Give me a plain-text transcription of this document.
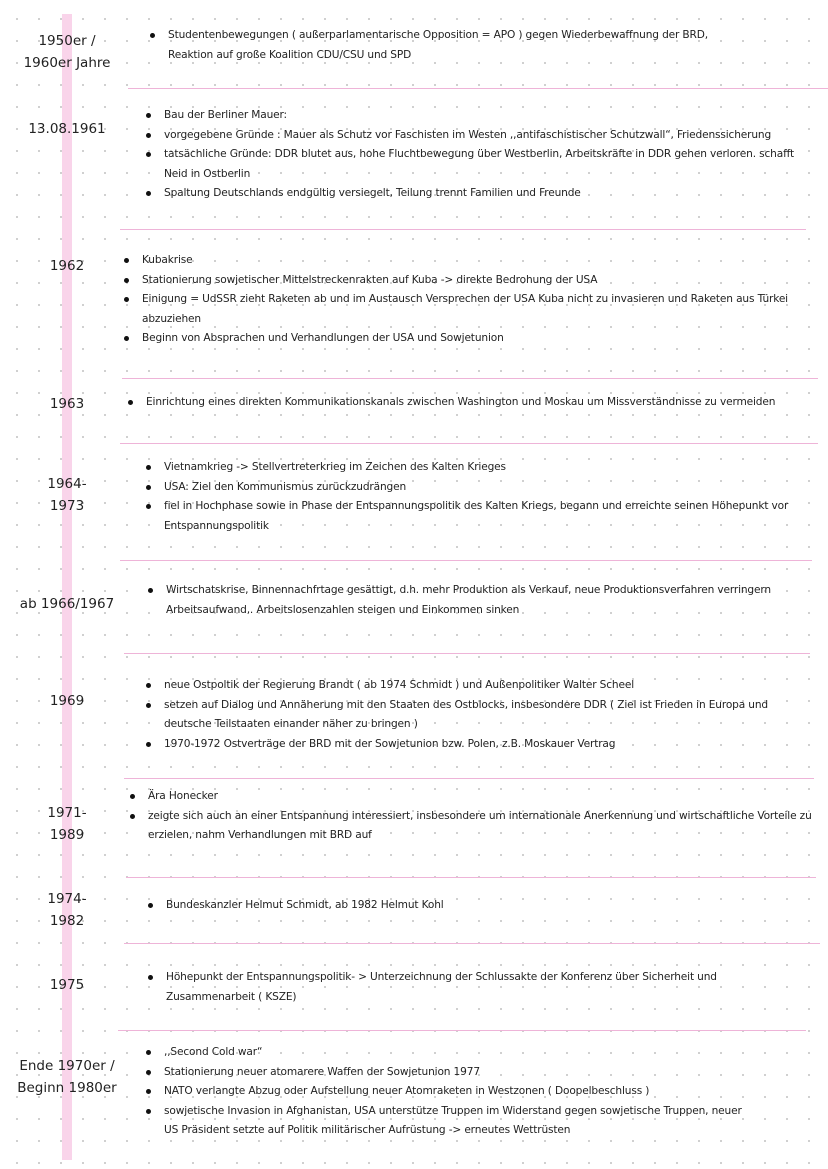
1950er /
1960er Jahre
Studentenbewegungen ( außerparlamentarische Opposition = APO ) gegen Wiederbewaffnung der BRD, Reaktion auf große Koalition CDU/CSU und SPD
13.08.1961
Bau der Berliner Mauer:
vorgegebene Gründe : Mauer als Schutz vor Faschisten im Westen ,,antifaschistischer Schutzwall“, Friedenssicherung
tatsächliche Gründe: DDR blutet aus, hohe Fluchtbewegung über Westberlin, Arbeitskräfte in DDR gehen verloren. schafft Neid in Ostberlin
Spaltung Deutschlands endgültig versiegelt, Teilung trennt Familien und Freunde
1962	Kubakrise
Stationierung sowjetischer Mittelstreckenrakten auf Kuba -> direkte Bedrohung der USA
Einigung = UdSSR zieht Raketen ab und im Austausch Versprechen der USA Kuba nicht zu invasieren und Raketen aus Türkei abzuziehen
Beginn von Absprachen und Verhandlungen der USA und Sowjetunion
1963	Einrichtung eines direkten Kommunikationskanals zwischen Washington und Moskau um Missverständnisse zu vermeiden
1964-
1973
Vietnamkrieg -> Stellvertreterkrieg im Zeichen des Kalten Krieges
USA: Ziel den Kommunismus zurückzudrängen
fiel in Hochphase sowie in Phase der Entspannungspolitik des Kalten Kriegs, begann und erreichte seinen Höhepunkt vor Entspannungspolitik
ab 1966/1967
Wirtschatskrise, Binnennachfrtage gesättigt, d.h. mehr Produktion als Verkauf, neue Produktionsverfahren verringern Arbeitsaufwand,. Arbeitslosenzahlen steigen und Einkommen sinken
1969
neue Ostpoltik der Regierung Brandt ( ab 1974 Schmidt ) und Außenpolitiker Walter Scheel
setzen auf Dialog und Annäherung mit den Staaten des Ostblocks, insbesondere DDR ( Ziel ist Frieden in Europa und deutsche Teilstaaten einander näher zu bringen )
1970-1972 Ostverträge der BRD mit der Sowjetunion bzw. Polen, z.B. Moskauer Vertrag
1971-
1989
Ära Honecker
zeigte sich auch an einer Entspannung interessiert, insbesondere um internationale Anerkennung und wirtschaftliche Vorteile zu erzielen, nahm Verhandlungen mit BRD auf
1974-
1982
Bundeskanzler Helmut Schmidt, ab 1982 Helmut Kohl
1975	Höhepunkt der Entspannungspolitik- > Unterzeichnung der Schlussakte der Konferenz über Sicherheit und Zusammenarbeit ( KSZE)
Ende 1970er /
Beginn 1980er
,,Second Cold war“
Stationierung neuer atomarere Waffen der Sowjetunion 1977
NATO verlangte Abzug oder Aufstellung neuer Atomraketen in Westzonen ( Doopelbeschluss )
sowjetische Invasion in Afghanistan, USA unterstütze Truppen im Widerstand gegen sowjetische Truppen, neuer US Präsident setzte auf Politik militärischer Aufrüstung -> erneutes Wettrüsten
